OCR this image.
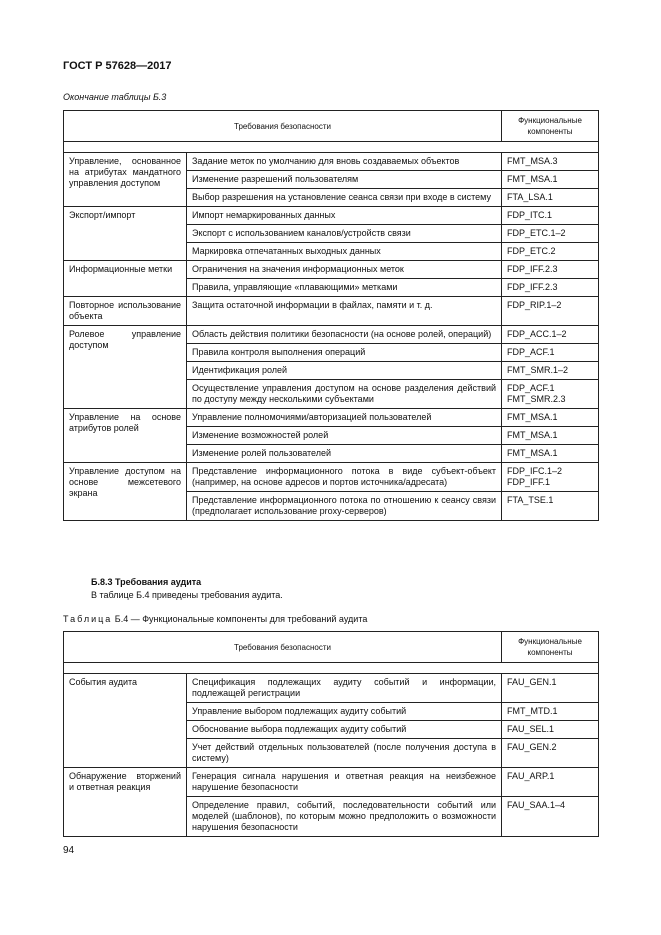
ГОСТ Р 57628—2017
Окончание таблицы Б.3
Требования безопасности		Функциональные компоненты

Управление, основанное на атрибутах мандатного управления доступом	Задание меток по умолчанию для вновь создаваемых объектов	FMT_MSA.3
	Изменение разрешений пользователям	FMT_MSA.1
	Выбор разрешения на установление сеанса связи при входе в систему	FTA_LSA.1
Экспорт/импорт	Импорт немаркированных данных	FDP_ITC.1
	Экспорт с использованием каналов/устройств связи	FDP_ETC.1–2
	Маркировка отпечатанных выходных данных	FDP_ETC.2
Информационные метки	Ограничения на значения информационных меток	FDP_IFF.2.3
	Правила, управляющие «плавающими» метками	FDP_IFF.2.3
Повторное использование объекта	Защита остаточной информации в файлах, памяти и т. д.	FDP_RIP.1–2
Ролевое управление доступом	Область действия политики безопасности (на основе ролей, операций)	FDP_ACC.1–2
	Правила контроля выполнения операций	FDP_ACF.1
	Идентификация ролей	FMT_SMR.1–2
	Осуществление управления доступом на основе разделения действий по доступу между несколькими субъектами	FDP_ACF.1
FMT_SMR.2.3
Управление на основе атрибутов ролей	Управление полномочиями/авторизацией пользователей	FMT_MSA.1
	Изменение возможностей ролей	FMT_MSA.1
	Изменение ролей пользователей	FMT_MSA.1
Управление доступом на основе межсетевого экрана	Представление информационного потока в виде субъект-объект (например, на основе адресов и портов источника/адресата)	FDP_IFC.1–2
FDP_IFF.1
	Представление информационного потока по отношению к сеансу связи (предполагает использование proxy-серверов)	FTA_TSE.1
Б.8.3 Требования аудита
В таблице Б.4 приведены требования аудита.
Таблица Б.4 — Функциональные компоненты для требований аудита
Требования безопасности		Функциональные компоненты

События аудита	Спецификация подлежащих аудиту событий и информации, подлежащей регистрации	FAU_GEN.1
	Управление выбором подлежащих аудиту событий	FMT_MTD.1
	Обоснование выбора подлежащих аудиту событий	FAU_SEL.1
	Учет действий отдельных пользователей (после получения доступа в систему)	FAU_GEN.2
Обнаружение вторжений и ответная реакция	Генерация сигнала нарушения и ответная реакция на неизбежное нарушение безопасности	FAU_ARP.1
	Определение правил, событий, последовательности событий или моделей (шаблонов), по которым можно предположить о возможности нарушения безопасности	FAU_SAA.1–4
94
